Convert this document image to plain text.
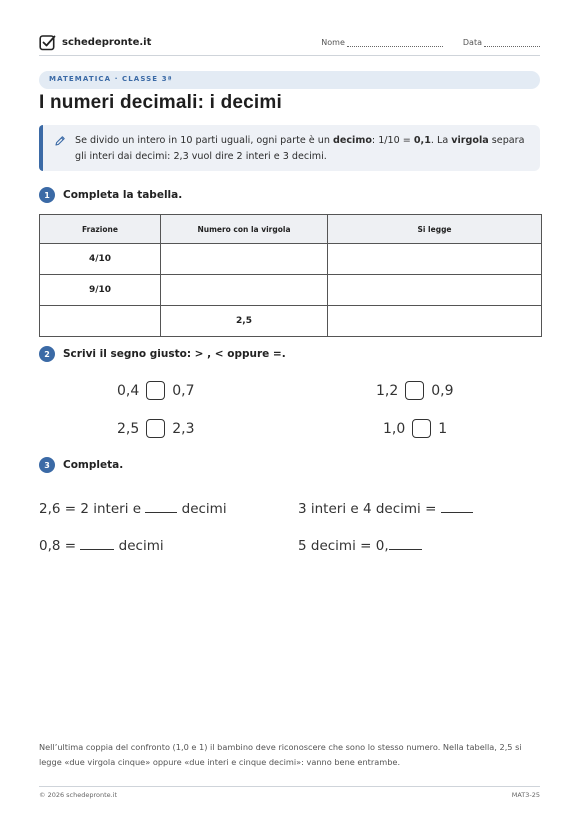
schedepronte.it	Nome	Data
MATEMATICA · CLASSE 3ª
I numeri decimali: i decimi
Se divido un intero in 10 parti uguali, ogni parte è un decimo: 1/10 = 0,1. La virgola separa gli interi dai decimi: 2,3 vuol dire 2 interi e 3 decimi.
1	Completa la tabella.
Frazione	Numero con la virgola	Si legge
4/10		
9/10		
	2,5	
2	Scrivi il segno giusto: > , < oppure =.
0,4 0,7	1,2 0,9
2,5 2,3	1,0 1
3	Completa.
2,6 = 2 interi e  decimi	3 interi e 4 decimi =
0,8 =	decimi	5 decimi = 0,
Nell’ultima coppia del confronto (1,0 e 1) il bambino deve riconoscere che sono lo stesso numero. Nella tabella, 2,5 si legge «due virgola cinque» oppure «due interi e cinque decimi»: vanno bene entrambe.
© 2026 schedepronte.it	MAT3-25
